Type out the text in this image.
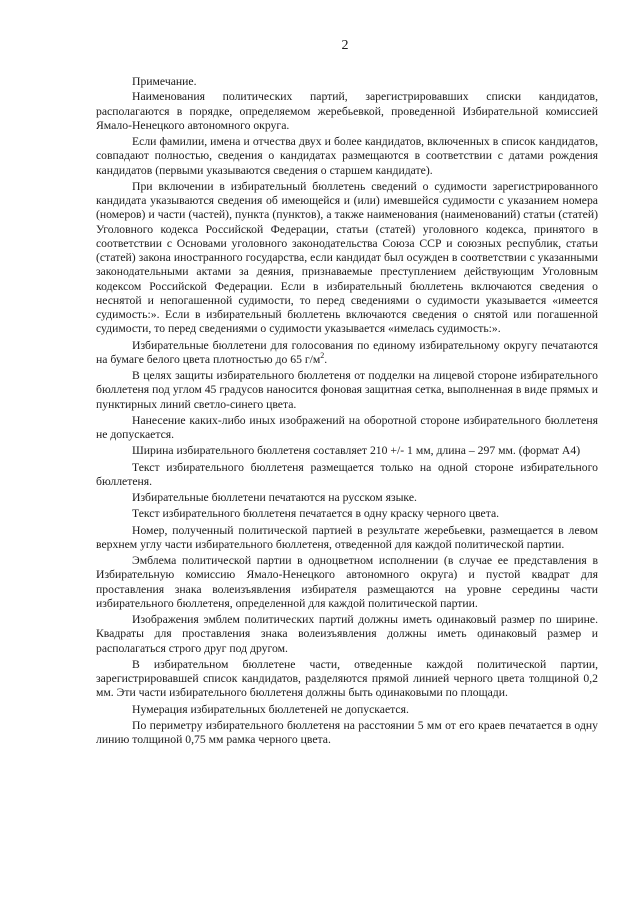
2

Примечание.

Наименования политических партий, зарегистрировавших списки кандидатов, располагаются в порядке, определяемом жеребьевкой, проведенной Избирательной комиссией Ямало-Ненецкого автономного округа.

Если фамилии, имена и отчества двух и более кандидатов, включенных в список кандидатов, совпадают полностью, сведения о кандидатах размещаются в соответствии с датами рождения кандидатов (первыми указываются сведения о старшем кандидате).

При включении в избирательный бюллетень сведений о судимости зарегистрированного кандидата указываются сведения об имеющейся и (или) имевшейся судимости с указанием номера (номеров) и части (частей), пункта (пунктов), а также наименования (наименований) статьи (статей) Уголовного кодекса Российской Федерации, статьи (статей) уголовного кодекса, принятого в соответствии с Основами уголовного законодательства Союза ССР и союзных республик, статьи (статей) закона иностранного государства, если кандидат был осужден в соответствии с указанными законодательными актами за деяния, признаваемые преступлением действующим Уголовным кодексом Российской Федерации. Если в избирательный бюллетень включаются сведения о неснятой и непогашенной судимости, то перед сведениями о судимости указывается «имеется судимость:». Если в избирательный бюллетень включаются сведения о снятой или погашенной судимости, то перед сведениями о судимости указывается «имелась судимость:».

Избирательные бюллетени для голосования по единому избирательному округу печатаются на бумаге белого цвета плотностью до 65 $г/м^2$.

В целях защиты избирательного бюллетеня от подделки на лицевой стороне избирательного бюллетеня под углом 45 градусов наносится фоновая защитная сетка, выполненная в виде прямых и пунктирных линий светло-синего цвета.

Нанесение каких-либо иных изображений на оборотной стороне избирательного бюллетеня не допускается.

Ширина избирательного бюллетеня составляет 210 +/- 1 мм, длина – 297 мм. (формат А4)

Текст избирательного бюллетеня размещается только на одной стороне избирательного бюллетеня.

Избирательные бюллетени печатаются на русском языке.

Текст избирательного бюллетеня печатается в одну краску черного цвета.

Номер, полученный политической партией в результате жеребьевки, размещается в левом верхнем углу части избирательного бюллетеня, отведенной для каждой политической партии.

Эмблема политической партии в одноцветном исполнении (в случае ее представления в Избирательную комиссию Ямало-Ненецкого автономного округа) и пустой квадрат для проставления знака волеизъявления избирателя размещаются на уровне середины части избирательного бюллетеня, определенной для каждой политической партии.

Изображения эмблем политических партий должны иметь одинаковый размер по ширине. Квадраты для проставления знака волеизъявления должны иметь одинаковый размер и располагаться строго друг под другом.

В избирательном бюллетене части, отведенные каждой политической партии, зарегистрировавшей список кандидатов, разделяются прямой линией черного цвета толщиной 0,2 мм. Эти части избирательного бюллетеня должны быть одинаковыми по площади.

Нумерация избирательных бюллетеней не допускается.

По периметру избирательного бюллетеня на расстоянии 5 мм от его краев печатается в одну линию толщиной 0,75 мм рамка черного цвета.
